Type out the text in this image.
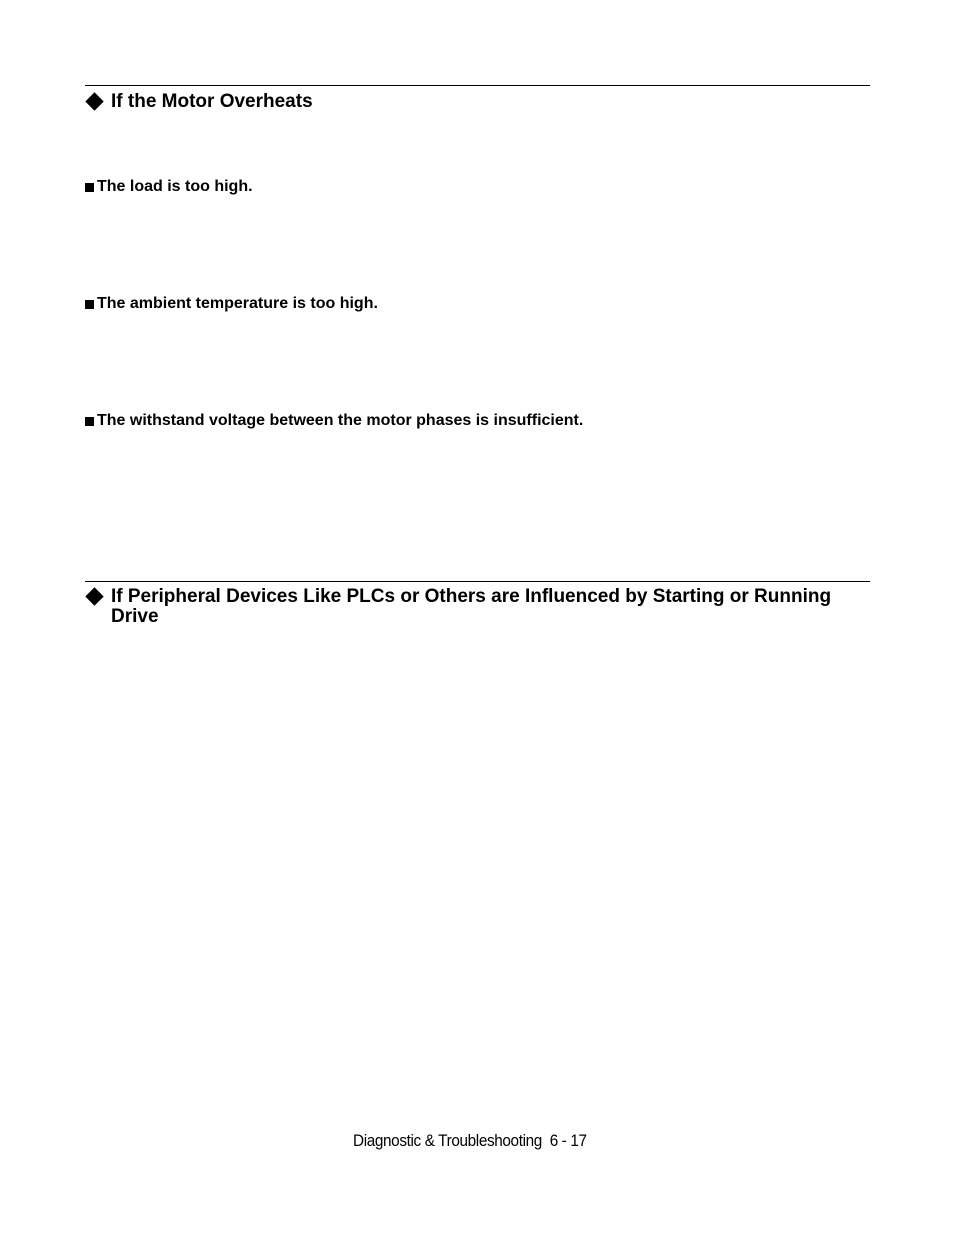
If the Motor Overheats
The load is too high.
The ambient temperature is too high.
The withstand voltage between the motor phases is insufficient.
If Peripheral Devices Like PLCs or Others are Influenced by Starting or Running Drive
Diagnostic & Troubleshooting 6 - 17
